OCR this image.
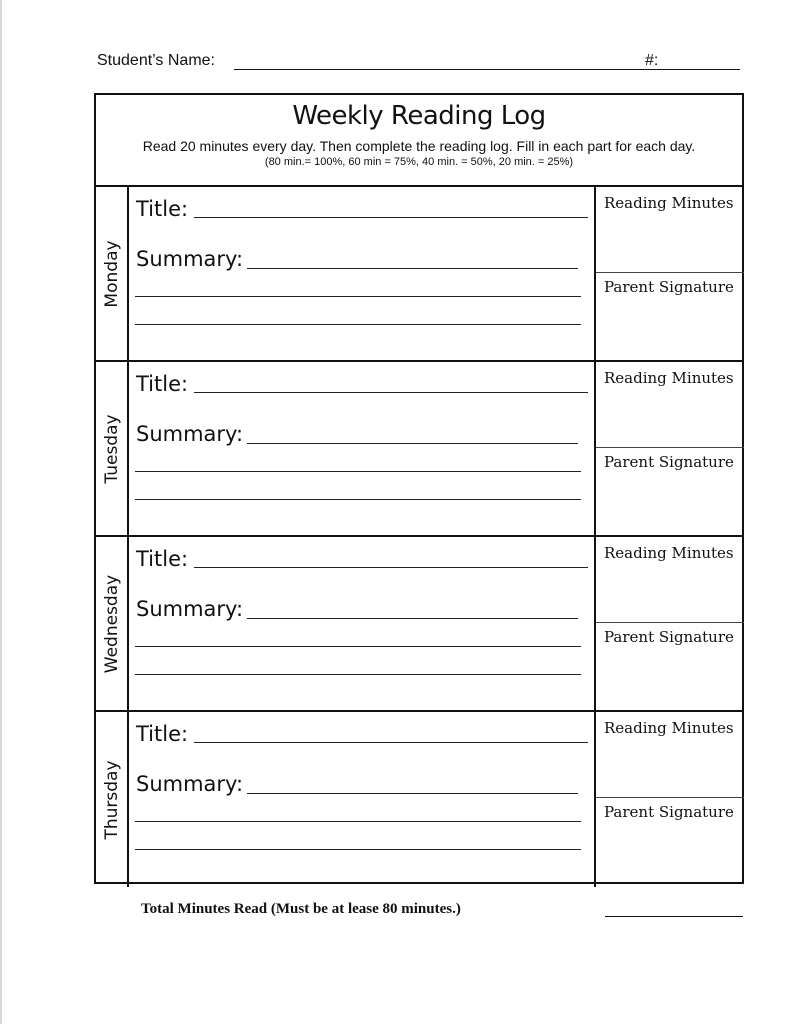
Student’s Name:	#:
Weekly Reading Log
Read 20 minutes every day. Then complete the reading log. Fill in each part for each day.
(80 min.= 100%, 60 min = 75%, 40 min. = 50%, 20 min. = 25%)
Monday
Title:
Summary:
Reading Minutes
Parent Signature
Tuesday
Title:
Summary:
Reading Minutes
Parent Signature
Wednesday
Title:
Summary:
Reading Minutes
Parent Signature
Thursday
Title:
Summary:
Reading Minutes
Parent Signature
Total Minutes Read (Must be at lease 80 minutes.)
